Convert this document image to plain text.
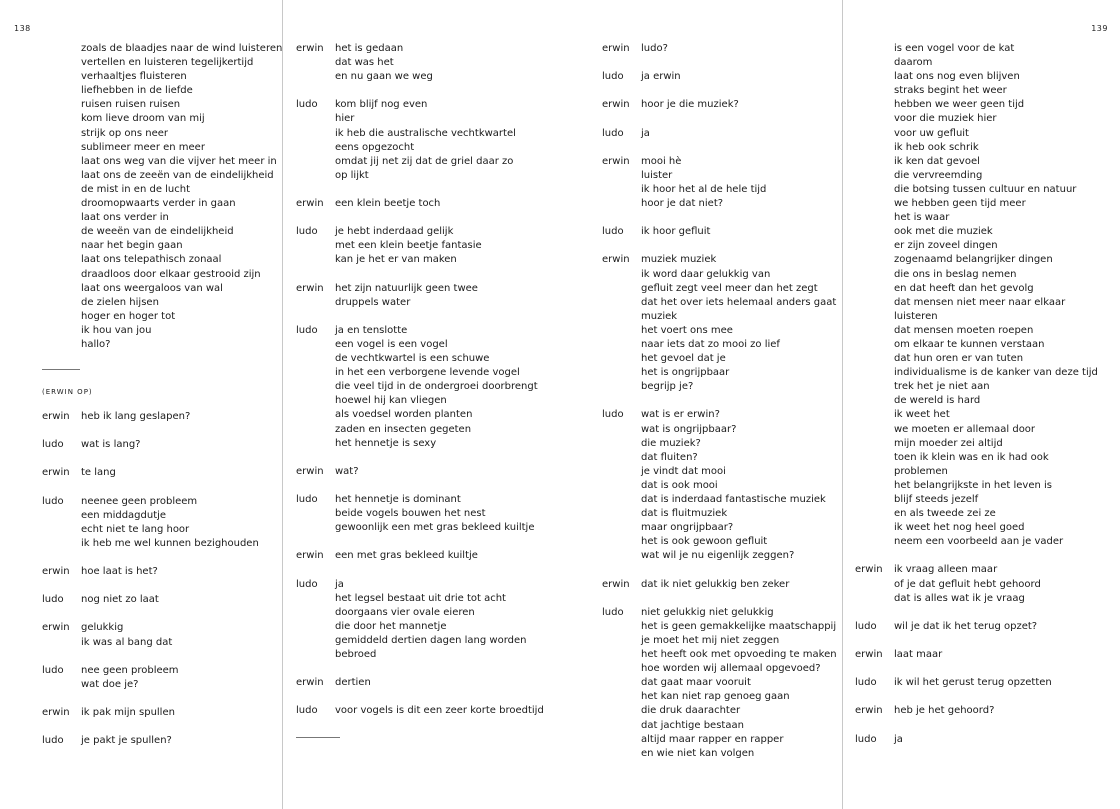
138	139
zoals de blaadjes naar de wind luisteren
vertellen en luisteren tegelijkertijd
verhaaltjes fluisteren
liefhebben in de liefde
ruisen ruisen ruisen
kom lieve droom van mij
strijk op ons neer
sublimeer meer en meer
laat ons weg van die vijver het meer in
laat ons de zeeën van de eindelijkheid
de mist in en de lucht
droomopwaarts verder in gaan
laat ons verder in
de weeën van de eindelijkheid
naar het begin gaan
laat ons telepathisch zonaal
draadloos door elkaar gestrooid zijn
laat ons weergaloos van wal
de zielen hijsen
hoger en hoger tot
ik hou van jou
hallo?
(ERWIN OP)
erwin	heb ik lang geslapen?
ludo	wat is lang?
erwin	te lang
ludo	neenee geen probleem
een middagdutje
echt niet te lang hoor
ik heb me wel kunnen bezighouden
erwin	hoe laat is het?
ludo	nog niet zo laat
erwin	gelukkig
ik was al bang dat
ludo	nee geen probleem
wat doe je?
erwin	ik pak mijn spullen
ludo	je pakt je spullen?
erwin	het is gedaan
dat was het
en nu gaan we weg
ludo	kom blijf nog even
hier
ik heb die australische vechtkwartel
eens opgezocht
omdat jij net zij dat de griel daar zo
op lijkt
erwin	een klein beetje toch
ludo	je hebt inderdaad gelijk
met een klein beetje fantasie
kan je het er van maken
erwin	het zijn natuurlijk geen twee
druppels water
ludo	ja en tenslotte
een vogel is een vogel
de vechtkwartel is een schuwe
in het een verborgene levende vogel
die veel tijd in de ondergroei doorbrengt
hoewel hij kan vliegen
als voedsel worden planten
zaden en insecten gegeten
het hennetje is sexy
erwin	wat?
ludo	het hennetje is dominant
beide vogels bouwen het nest
gewoonlijk een met gras bekleed kuiltje
erwin	een met gras bekleed kuiltje
ludo	ja
het legsel bestaat uit drie tot acht
doorgaans vier ovale eieren
die door het mannetje
gemiddeld dertien dagen lang worden
bebroed
erwin	dertien
ludo	voor vogels is dit een zeer korte broedtijd
erwin	ludo?
ludo	ja erwin
erwin	hoor je die muziek?
ludo	ja
erwin	mooi hè
luister
ik hoor het al de hele tijd
hoor je dat niet?
ludo	ik hoor gefluit
erwin	muziek muziek
ik word daar gelukkig van
gefluit zegt veel meer dan het zegt
dat het over iets helemaal anders gaat
muziek
het voert ons mee
naar iets dat zo mooi zo lief
het gevoel dat je
het is ongrijpbaar
begrijp je?
ludo	wat is er erwin?
wat is ongrijpbaar?
die muziek?
dat fluiten?
je vindt dat mooi
dat is ook mooi
dat is inderdaad fantastische muziek
dat is fluitmuziek
maar ongrijpbaar?
het is ook gewoon gefluit
wat wil je nu eigenlijk zeggen?
erwin	dat ik niet gelukkig ben zeker
ludo	niet gelukkig niet gelukkig
het is geen gemakkelijke maatschappij
je moet het mij niet zeggen
het heeft ook met opvoeding te maken
hoe worden wij allemaal opgevoed?
dat gaat maar vooruit
het kan niet rap genoeg gaan
die druk daarachter
dat jachtige bestaan
altijd maar rapper en rapper
en wie niet kan volgen
is een vogel voor de kat
daarom
laat ons nog even blijven
straks begint het weer
hebben we weer geen tijd
voor die muziek hier
voor uw gefluit
ik heb ook schrik
ik ken dat gevoel
die vervreemding
die botsing tussen cultuur en natuur
we hebben geen tijd meer
het is waar
ook met die muziek
er zijn zoveel dingen
zogenaamd belangrijker dingen
die ons in beslag nemen
en dat heeft dan het gevolg
dat mensen niet meer naar elkaar
luisteren
dat mensen moeten roepen
om elkaar te kunnen verstaan
dat hun oren er van tuten
individualisme is de kanker van deze tijd
trek het je niet aan
de wereld is hard
ik weet het
we moeten er allemaal door
mijn moeder zei altijd
toen ik klein was en ik had ook
problemen
het belangrijkste in het leven is
blijf steeds jezelf
en als tweede zei ze
ik weet het nog heel goed
neem een voorbeeld aan je vader
erwin	ik vraag alleen maar
of je dat gefluit hebt gehoord
dat is alles wat ik je vraag
ludo	wil je dat ik het terug opzet?
erwin	laat maar
ludo	ik wil het gerust terug opzetten
erwin	heb je het gehoord?
ludo	ja
